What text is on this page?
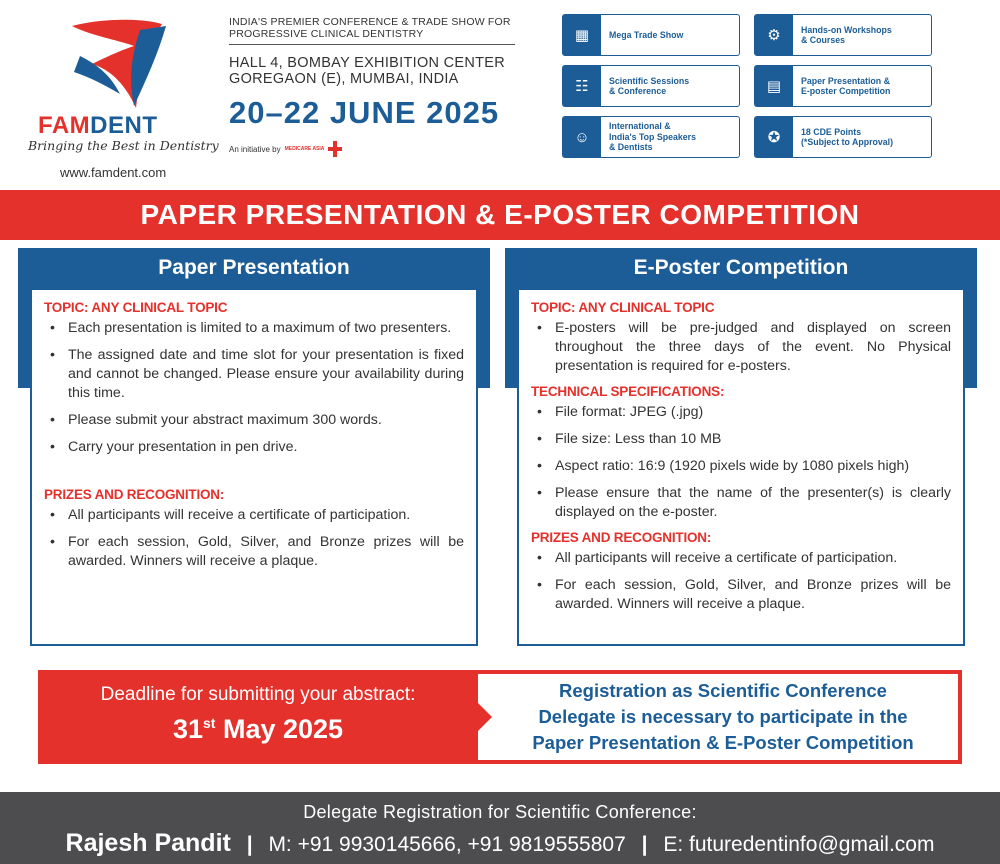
FAMDENT
Bringing the Best in Dentistry
www.famdent.com
INDIA'S PREMIER CONFERENCE & TRADE SHOW FOR
PROGRESSIVE CLINICAL DENTISTRY
HALL 4, BOMBAY EXHIBITION CENTER
GOREGAON (E), MUMBAI, INDIA
20–22 JUNE 2025
An initiative by MEDICARE ASIA
▦	Mega Trade Show	⚙	Hands-on Workshops
& Courses
☷	Scientific Sessions
& Conference	▤	Paper Presentation &
E-poster Competition
☺
International &
India's Top Speakers
& Dentists
✪	18 CDE Points
(*Subject to Approval)
PAPER PRESENTATION & E-POSTER COMPETITION
Paper Presentation
TOPIC: ANY CLINICAL TOPIC
• Each presentation is limited to a maximum of two presenters.
• The assigned date and time slot for your presentation is fixed and cannot be changed. Please ensure your availability during this time.
• Please submit your abstract maximum 300 words.
• Carry your presentation in pen drive.
PRIZES AND RECOGNITION:
• All participants will receive a certificate of participation.
• For each session, Gold, Silver, and Bronze prizes will be awarded. Winners will receive a plaque.
E-Poster Competition
TOPIC: ANY CLINICAL TOPIC
• E-posters will be pre-judged and displayed on screen throughout the three days of the event. No Physical presentation is required for e-posters.
TECHNICAL SPECIFICATIONS:
• File format: JPEG (.jpg)
• File size: Less than 10 MB
• Aspect ratio: 16:9 (1920 pixels wide by 1080 pixels high)
• Please ensure that the name of the presenter(s) is clearly displayed on the e-poster.
PRIZES AND RECOGNITION:
• All participants will receive a certificate of participation.
• For each session, Gold, Silver, and Bronze prizes will be awarded. Winners will receive a plaque.
Deadline for submitting your abstract:
31st May 2025
Registration as Scientific Conference
Delegate is necessary to participate in the
Paper Presentation & E-Poster Competition
Delegate Registration for Scientific Conference:
Rajesh Pandit | M: +91 9930145666, +91 9819555807 | E: futuredentinfo@gmail.com
